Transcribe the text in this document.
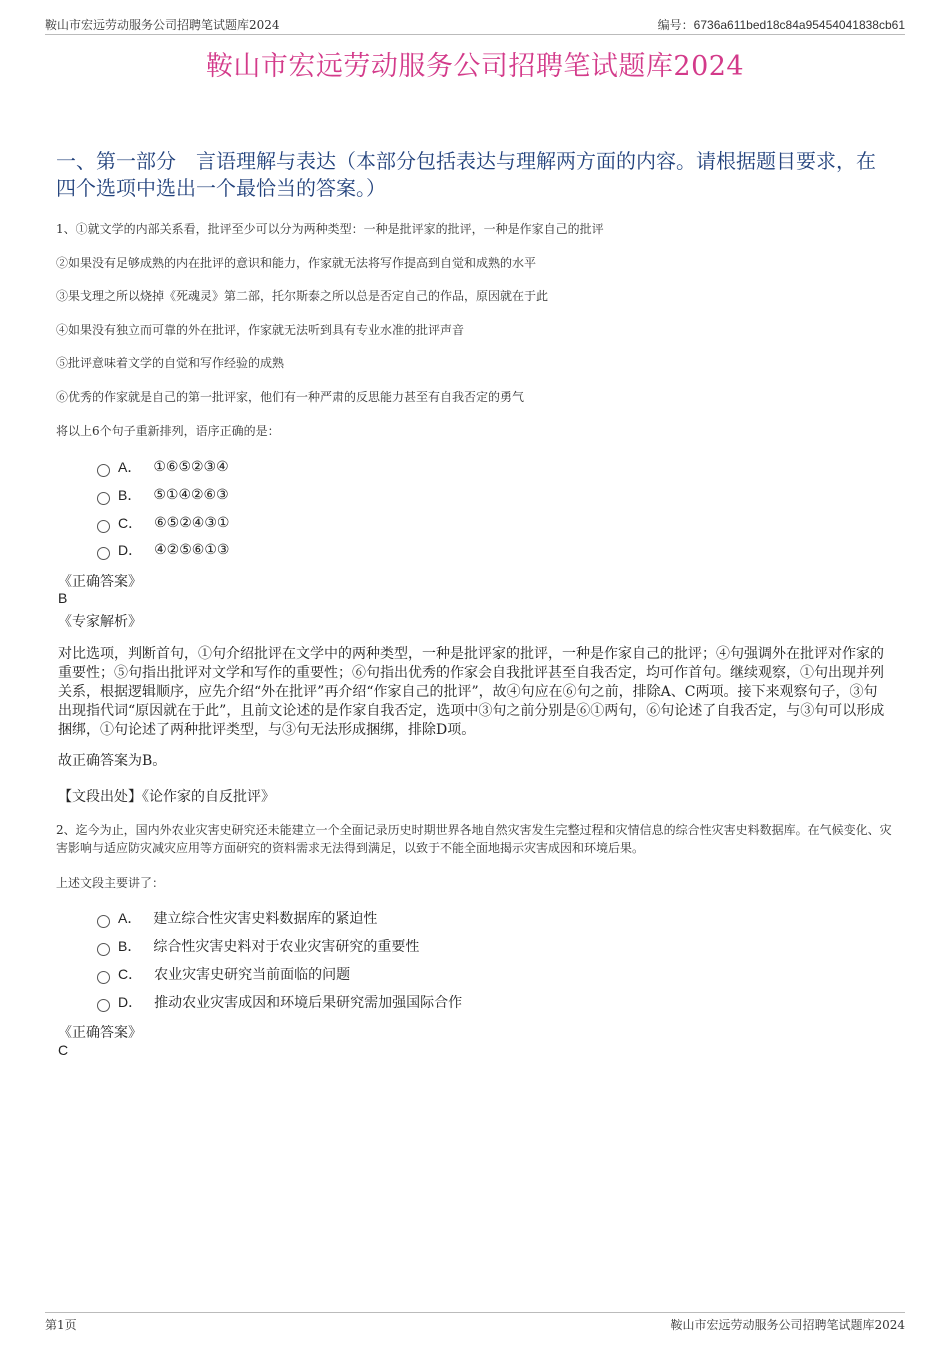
鞍山市宏远劳动服务公司招聘笔试题库2024	编号：6736a611bed18c84a95454041838cb61
鞍山市宏远劳动服务公司招聘笔试题库2024
一、第一部分　言语理解与表达（本部分包括表达与理解两方面的内容。请根据题目要求，在四个选项中选出一个最恰当的答案。）
1、①就文学的内部关系看，批评至少可以分为两种类型：一种是批评家的批评，一种是作家自己的批评
②如果没有足够成熟的内在批评的意识和能力，作家就无法将写作提高到自觉和成熟的水平
③果戈理之所以烧掉《死魂灵》第二部，托尔斯泰之所以总是否定自己的作品，原因就在于此
④如果没有独立而可靠的外在批评，作家就无法听到具有专业水准的批评声音
⑤批评意味着文学的自觉和写作经验的成熟
⑥优秀的作家就是自己的第一批评家，他们有一种严肃的反思能力甚至有自我否定的勇气
将以上6个句子重新排列，语序正确的是：
A． ①⑥⑤②③④
B． ⑤①④②⑥③
C． ⑥⑤②④③①
D． ④②⑤⑥①③
《正确答案》
B
《专家解析》
对比选项，判断首句，①句介绍批评在文学中的两种类型，一种是批评家的批评，一种是作家自己的批评；④句强调外在批评对作家的重要性；⑤句指出批评对文学和写作的重要性；⑥句指出优秀的作家会自我批评甚至自我否定，均可作首句。继续观察，①句出现并列关系，根据逻辑顺序，应先介绍“外在批评”再介绍“作家自己的批评”，故④句应在⑥句之前，排除A、C两项。接下来观察句子，③句出现指代词“原因就在于此”，且前文论述的是作家自我否定，选项中③句之前分别是⑥①两句，⑥句论述了自我否定，与③句可以形成捆绑，①句论述了两种批评类型，与③句无法形成捆绑，排除D项。
故正确答案为B。
【文段出处】《论作家的自反批评》
2、迄今为止，国内外农业灾害史研究还未能建立一个全面记录历史时期世界各地自然灾害发生完整过程和灾情信息的综合性灾害史料数据库。在气候变化、灾害影响与适应防灾减灾应用等方面研究的资料需求无法得到满足，以致于不能全面地揭示灾害成因和环境后果。
上述文段主要讲了：
A． 建立综合性灾害史料数据库的紧迫性
B． 综合性灾害史料对于农业灾害研究的重要性
C． 农业灾害史研究当前面临的问题
D． 推动农业灾害成因和环境后果研究需加强国际合作
《正确答案》
C
第1页	鞍山市宏远劳动服务公司招聘笔试题库2024
